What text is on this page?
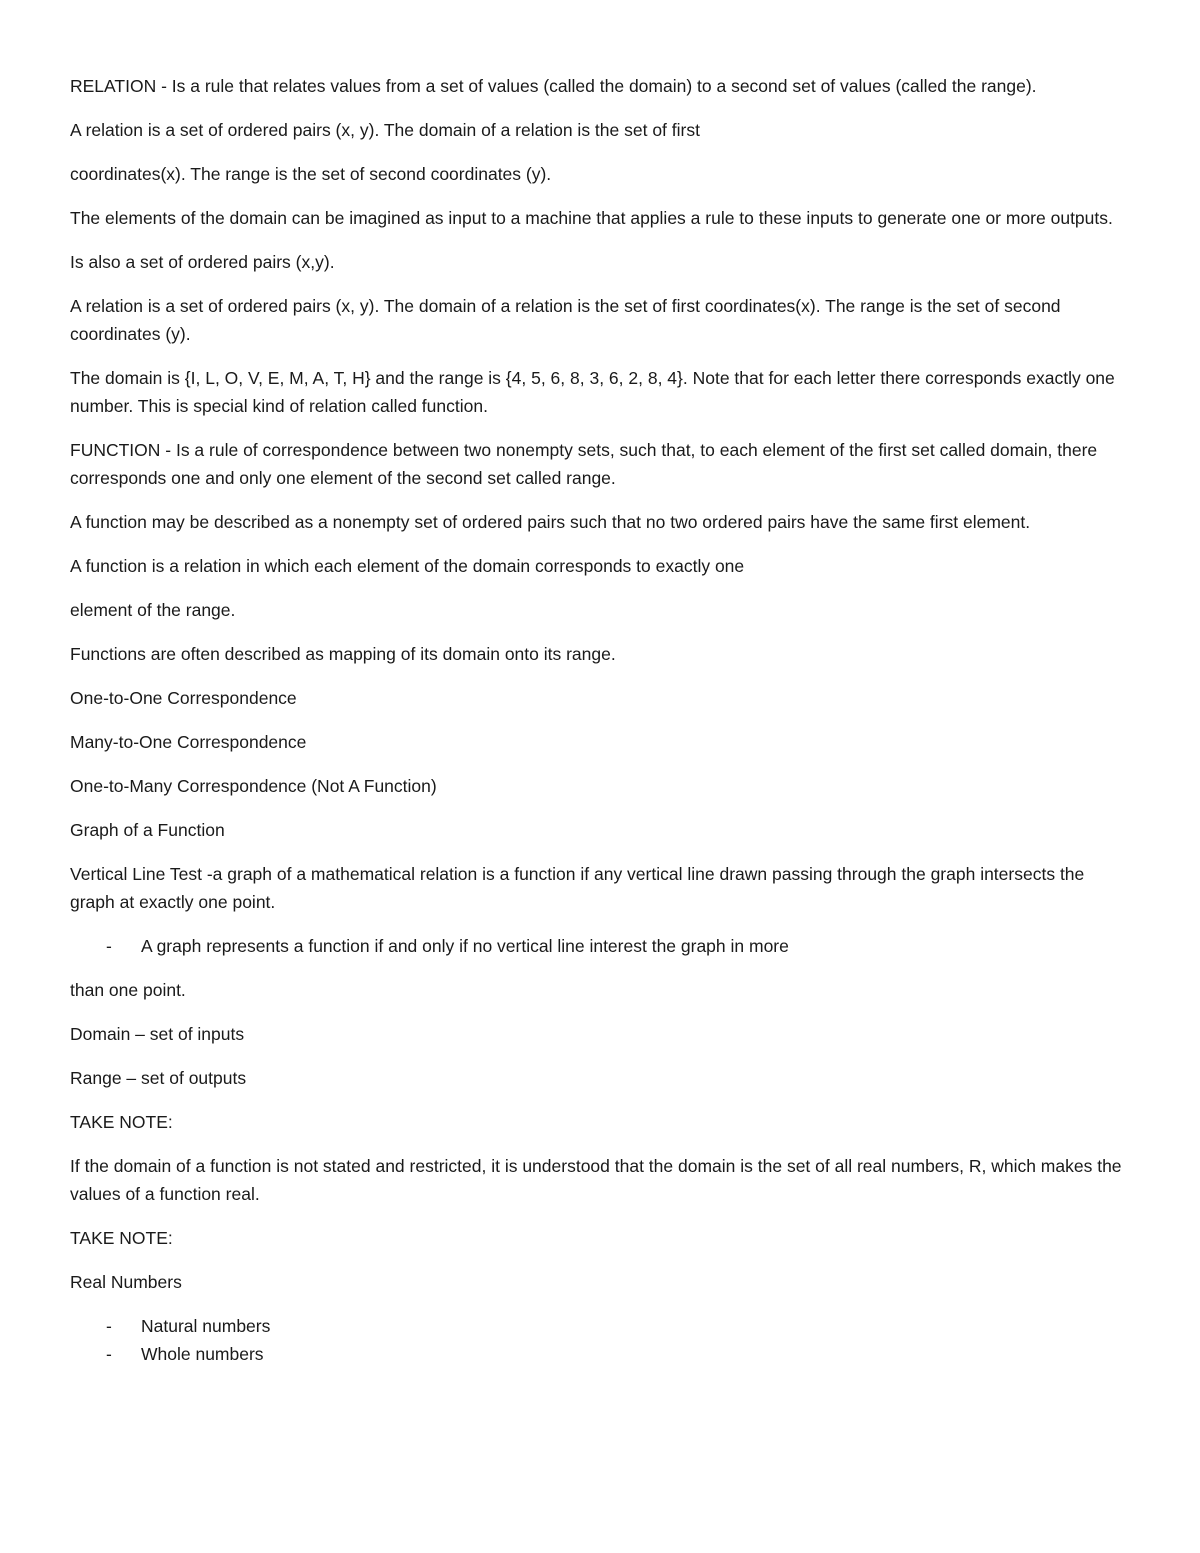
RELATION - Is a rule that relates values from a set of values (called the domain) to a second set of values (called the range).

A relation is a set of ordered pairs (x, y). The domain of a relation is the set of first

coordinates(x). The range is the set of second coordinates (y).

The elements of the domain can be imagined as input to a machine that applies a rule to these inputs to generate one or more outputs.

Is also a set of ordered pairs (x,y).

A relation is a set of ordered pairs (x, y). The domain of a relation is the set of first coordinates(x). The range is the set of second coordinates (y).

The domain is {I, L, O, V, E, M, A, T, H} and the range is {4, 5, 6, 8, 3, 6, 2, 8, 4}. Note that for each letter there corresponds exactly one number. This is special kind of relation called function.

FUNCTION - Is a rule of correspondence between two nonempty sets, such that, to each element of the first set called domain, there corresponds one and only one element of the second set called range.

A function may be described as a nonempty set of ordered pairs such that no two ordered pairs have the same first element.

A function is a relation in which each element of the domain corresponds to exactly one

element of the range.

Functions are often described as mapping of its domain onto its range.

One-to-One Correspondence

Many-to-One Correspondence

One-to-Many Correspondence (Not A Function)

Graph of a Function

Vertical Line Test -a graph of a mathematical relation is a function if any vertical line drawn passing through the graph intersects the graph at exactly one point.

- A graph represents a function if and only if no vertical line interest the graph in more

than one point.

Domain – set of inputs

Range – set of outputs

TAKE NOTE:

If the domain of a function is not stated and restricted, it is understood that the domain is the set of all real numbers, R, which makes the values of a function real.

TAKE NOTE:

Real Numbers

- Natural numbers
- Whole numbers
